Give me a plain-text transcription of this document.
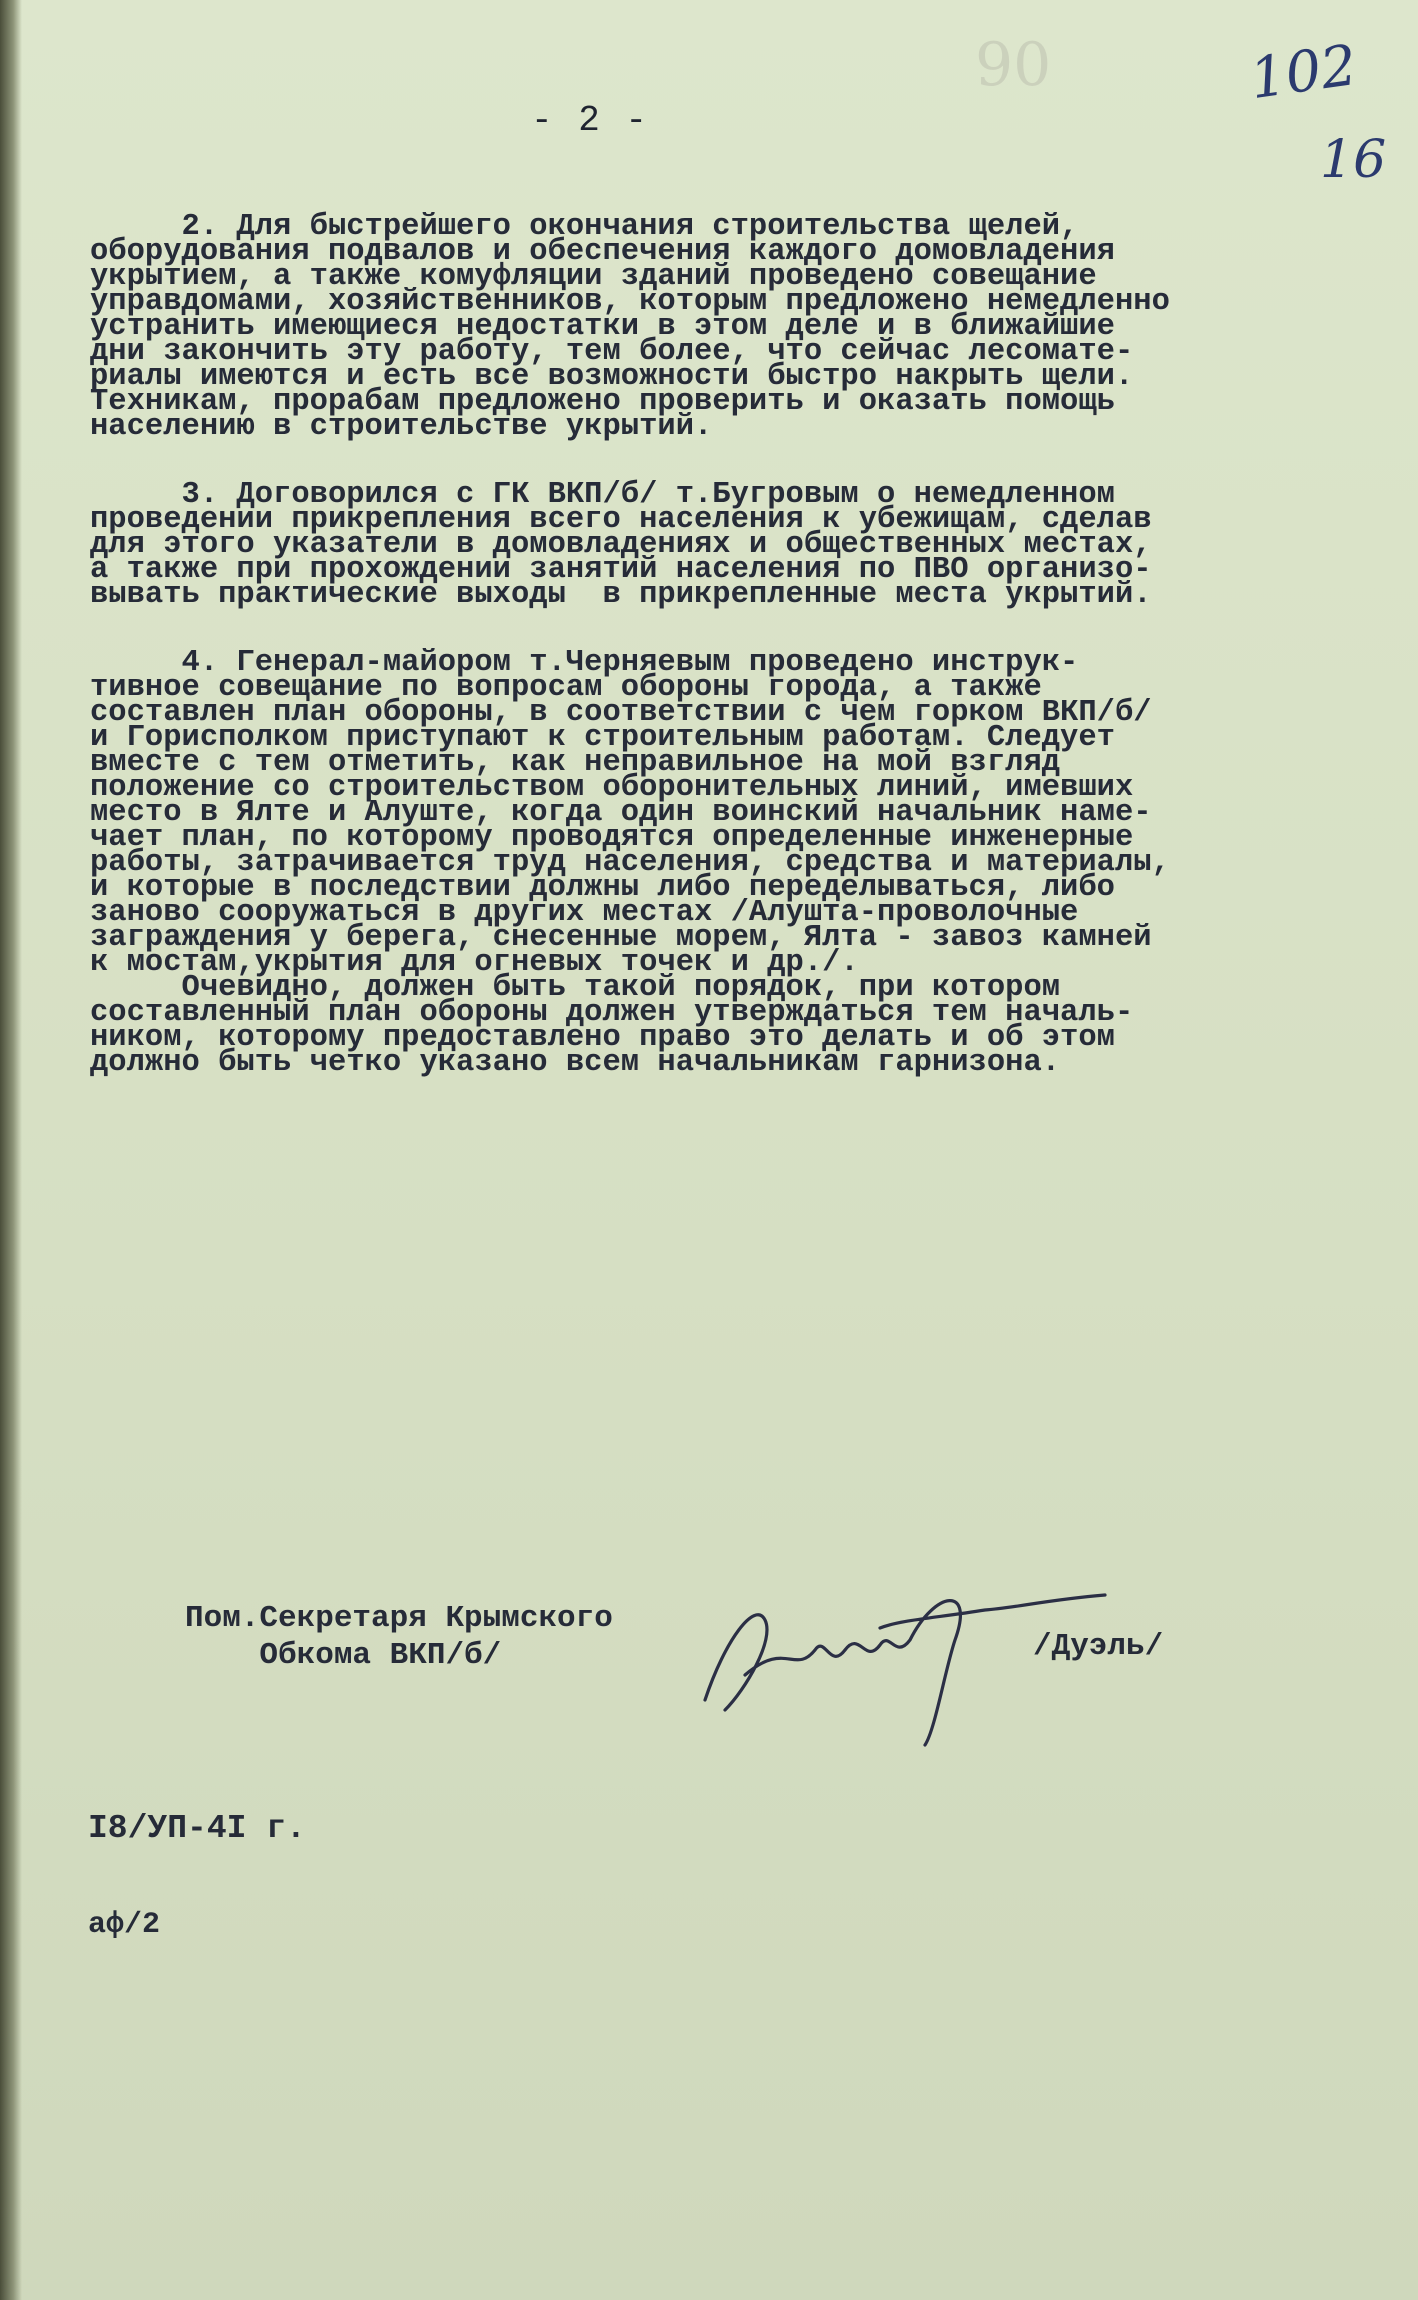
90	102
16
- 2 -
2. Для быстрейшего окончания строительства щелей,
оборудования подвалов и обеспечения каждого домовладения
укрытием, а также комуфляции зданий проведено совещание
управдомами, хозяйственников, которым предложено немедленно
устранить имеющиеся недостатки в этом деле и в ближайшие
дни закончить эту работу, тем более, что сейчас лесомате-
риалы имеются и есть все возможности быстро накрыть щели.
Техникам, прорабам предложено проверить и оказать помощь
населению в строительстве укрытий.
3. Договорился с ГК ВКП/б/ т.Бугровым о немедленном
проведении прикрепления всего населения к убежищам, сделав
для этого указатели в домовладениях и общественных местах,
а также при прохождении занятий населения по ПВО организо-
вывать практические выходы  в прикрепленные места укрытий.
4. Генерал-майором т.Черняевым проведено инструк-
тивное совещание по вопросам обороны города, а также
составлен план обороны, в соответствии с чем горком ВКП/б/
и Горисполком приступают к строительным работам. Следует
вместе с тем отметить, как неправильное на мой взгляд
положение со строительством оборонительных линий, имевших
место в Ялте и Алуште, когда один воинский начальник наме-
чает план, по которому проводятся определенные инженерные
работы, затрачивается труд населения, средства и материалы,
и которые в последствии должны либо переделываться, либо
заново сооружаться в других местах /Алушта-проволочные
заграждения у берега, снесенные морем, Ялта - завоз камней
к мостам,укрытия для огневых точек и др./.
Очевидно, должен быть такой порядок, при котором
составленный план обороны должен утверждаться тем началь-
ником, которому предоставлено право это делать и об этом
должно быть четко указано всем начальникам гарнизона.
Пом.Секретаря Крымского
Обкома ВКП/б/	/Дуэль/
I8/УП-4I г.
аф/2
